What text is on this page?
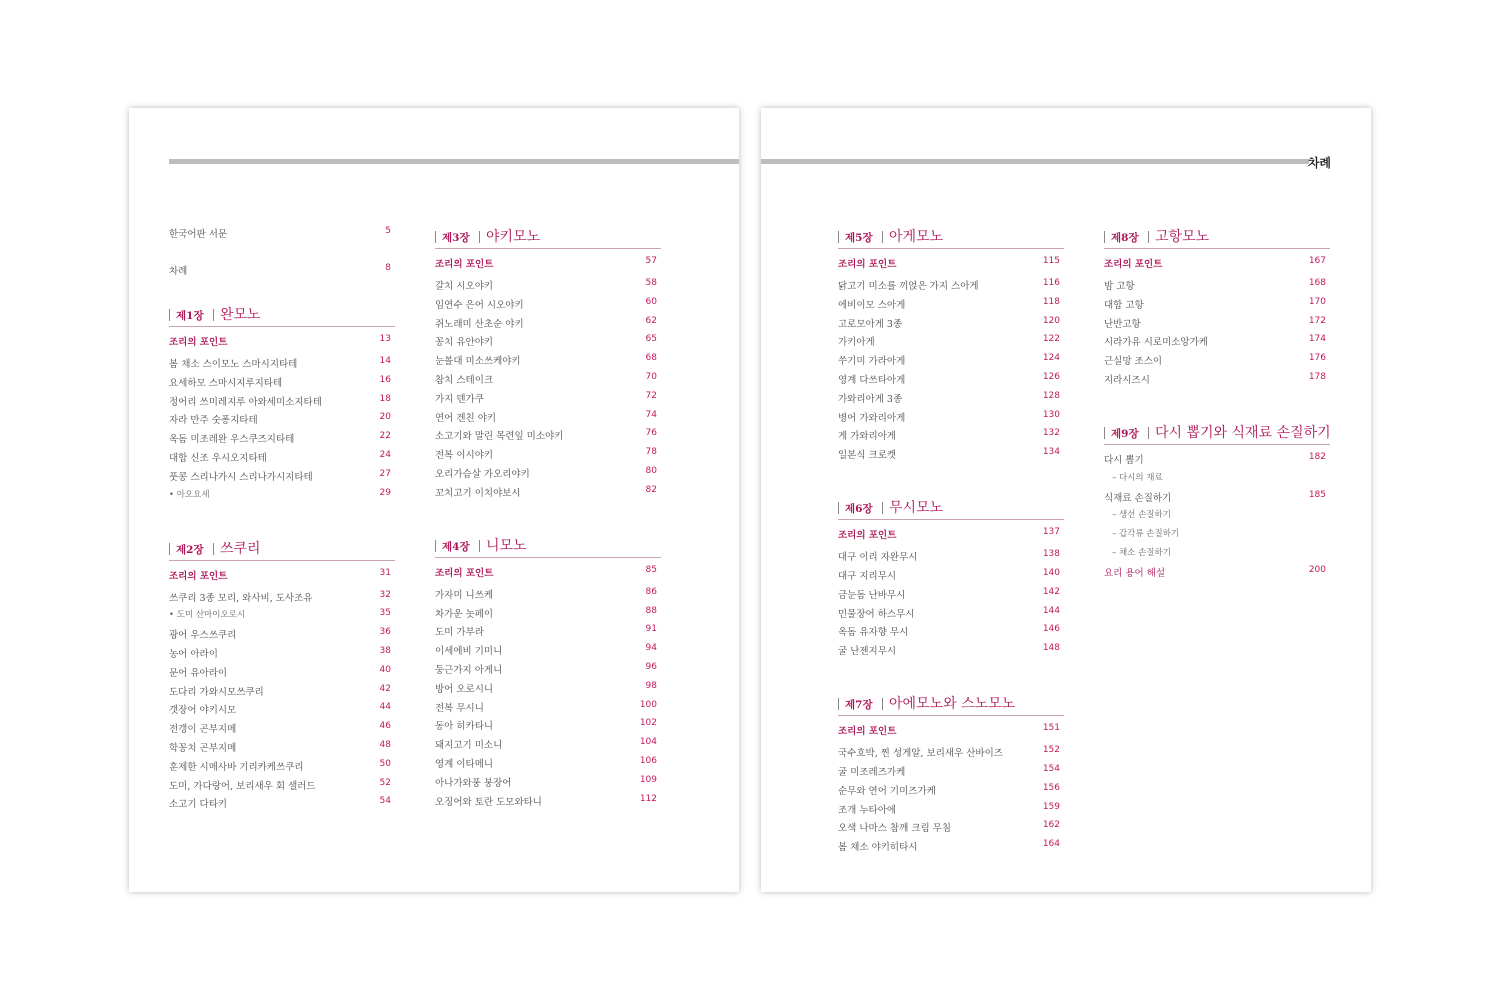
한국어판 서문	5
차례	8
제1장 완모노
조리의 포인트	13
봄 채소 스이모노 스마시지타테	14
요세하모 스마시지루지타테	16
정어리 쓰미레지루 아와세미소지타테	18
자라 만주 숫퐁지타테	20
옥돔 미조레완 우스쿠즈지타테	22
대합 신조 우시오지타테	24
풋콩 스리나가시 스리나가시지타테	27
• 아오요세	29
제2장 쓰쿠리
조리의 포인트	31
쓰쿠리 3종 모리, 와사비, 도사조유	32
• 도미 산마이오로시	35
광어 우스쓰쿠리	36
농어 아라이	38
문어 유아라이	40
도다리 가와시모쓰쿠리	42
갯장어 야키시모	44
전갱이 곤부지메	46
학꽁치 곤부지메	48
훈제한 시메사바 기리카케쓰쿠리	50
도미, 가다랑어, 보리새우 회 샐러드	52
소고기 다타키	54
제3장 야키모노
조리의 포인트	57
갈치 시오야키	58
임연수 은어 시오야키	60
쥐노래미 산초순 야키	62
꽁치 유안야키	65
눈볼대 미소쓰케야키	68
참치 스테이크	70
가지 덴가쿠	72
연어 겐친 야키	74
소고기와 말린 목련잎 미소야키	76
전복 이시야키	78
오리가슴살 가오리야키	80
꼬치고기 이치야보시	82
제4장 니모노
조리의 포인트	85
가자미 니쓰케	86
차가운 놋페이	88
도미 가부라	91
이세에비 기미니	94
둥근가지 아게니	96
방어 오로시니	98
전복 무시니	100
동아 히카타니	102
돼지고기 미소니	104
영계 이타메니	106
아나가와풍 붕장어	109
오징어와 토란 도모와타니	112
차례
제5장 아게모노
조리의 포인트	115
닭고기 미소를 끼얹은 가지 스아게	116
에비이모 스아게	118
고로모아게 3종	120
가키아게	122
쑤기미 가라아게	124
영계 다쓰타아게	126
가와리아게 3종	128
병어 가와리아게	130
게 가와리아게	132
일본식 크로켓	134
제6장 무시모노
조리의 포인트	137
대구 이리 자완무시	138
대구 지리무시	140
금눈돔 난바무시	142
민물장어 하스무시	144
옥돔 유자향 무시	146
굴 난젠지무시	148
제7장 아에모노와 스노모노
조리의 포인트	151
국수호박, 찐 성게알, 보리새우 산바이즈	152
굴 미조레즈가케	154
순무와 연어 기미즈가케	156
조개 누타아에	159
오색 나마스 참깨 크림 무침	162
봄 채소 야키히타시	164
제8장 고항모노
조리의 포인트	167
밤 고항	168
대합 고항	170
난반고항	172
시라가유 시로미소앙가케	174
근실망 조스이	176
지라시즈시	178
제9장 다시 뽑기와 식재료 손질하기
다시 뽑기	182
– 다시의 재료
식재료 손질하기	185
– 생선 손질하기
– 갑각류 손질하기
– 채소 손질하기
요리 용어 해설	200
